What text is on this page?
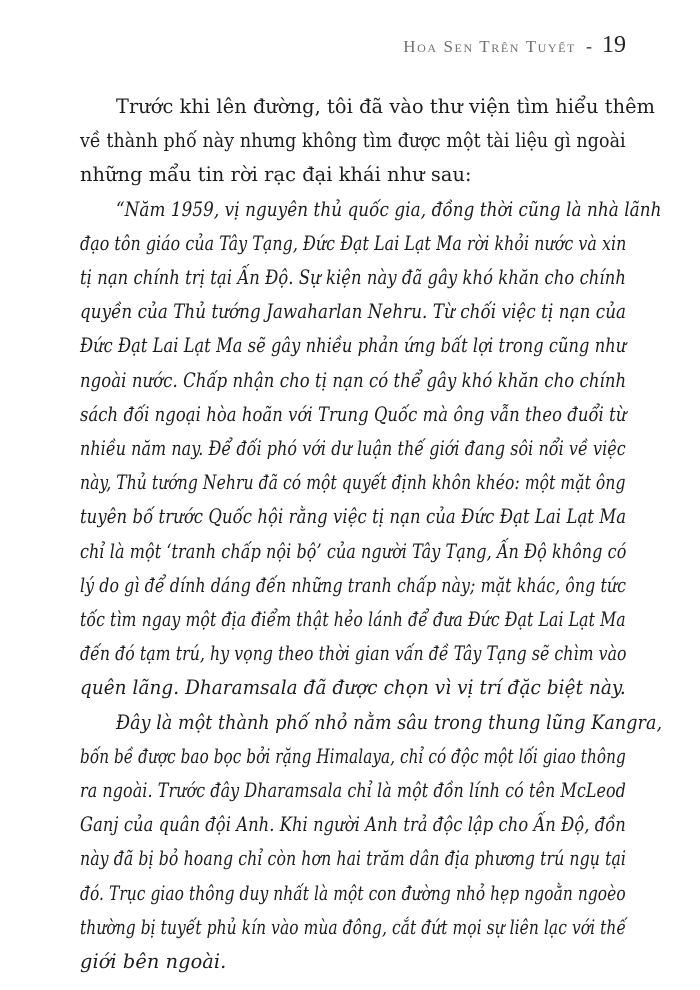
Hoa Sen Trên Tuyết - 19

Trước khi lên đường, tôi đã vào thư viện tìm hiểu thêm
về thành phố này nhưng không tìm được một tài liệu gì ngoài
những mẩu tin rời rạc đại khái như sau:

“Năm 1959, vị nguyên thủ quốc gia, đồng thời cũng là nhà lãnh
đạo tôn giáo của Tây Tạng, Đức Đạt Lai Lạt Ma rời khỏi nước và xin
tị nạn chính trị tại Ấn Độ. Sự kiện này đã gây khó khăn cho chính
quyền của Thủ tướng Jawaharlan Nehru. Từ chối việc tị nạn của
Đức Đạt Lai Lạt Ma sẽ gây nhiều phản ứng bất lợi trong cũng như
ngoài nước. Chấp nhận cho tị nạn có thể gây khó khăn cho chính
sách đối ngoại hòa hoãn với Trung Quốc mà ông vẫn theo đuổi từ
nhiều năm nay. Để đối phó với dư luận thế giới đang sôi nổi về việc
này, Thủ tướng Nehru đã có một quyết định khôn khéo: một mặt ông
tuyên bố trước Quốc hội rằng việc tị nạn của Đức Đạt Lai Lạt Ma
chỉ là một ‘tranh chấp nội bộ’ của người Tây Tạng, Ấn Độ không có
lý do gì để dính dáng đến những tranh chấp này; mặt khác, ông tức
tốc tìm ngay một địa điểm thật hẻo lánh để đưa Đức Đạt Lai Lạt Ma
đến đó tạm trú, hy vọng theo thời gian vấn đề Tây Tạng sẽ chìm vào
quên lãng. Dharamsala đã được chọn vì vị trí đặc biệt này.

Đây là một thành phố nhỏ nằm sâu trong thung lũng Kangra,
bốn bề được bao bọc bởi rặng Himalaya, chỉ có độc một lối giao thông
ra ngoài. Trước đây Dharamsala chỉ là một đồn lính có tên McLeod
Ganj của quân đội Anh. Khi người Anh trả độc lập cho Ấn Độ, đồn
này đã bị bỏ hoang chỉ còn hơn hai trăm dân địa phương trú ngụ tại
đó. Trục giao thông duy nhất là một con đường nhỏ hẹp ngoằn ngoèo
thường bị tuyết phủ kín vào mùa đông, cắt đứt mọi sự liên lạc với thế
giới bên ngoài.
